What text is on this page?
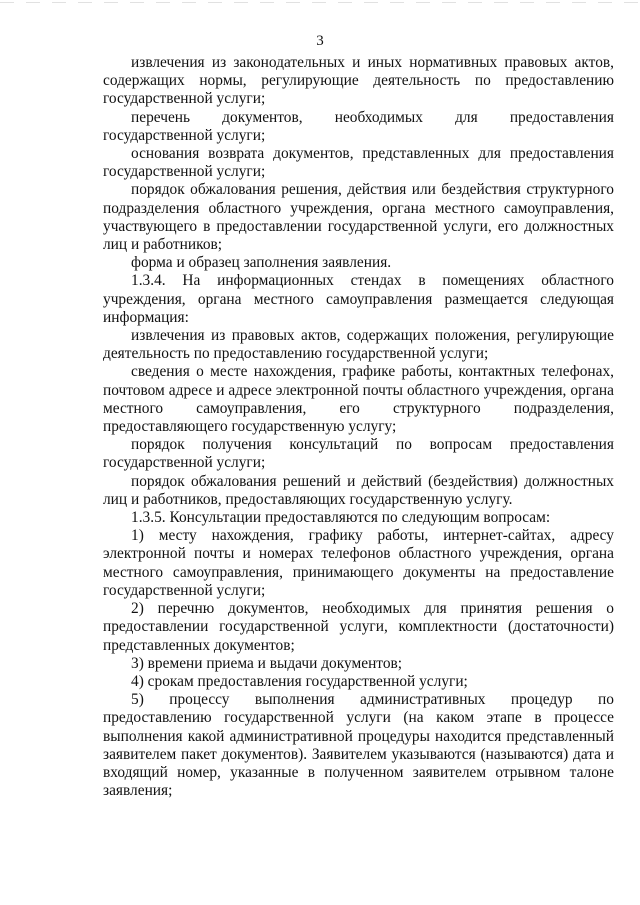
3

извлечения из законодательных и иных нормативных правовых актов, содержащих нормы, регулирующие деятельность по предоставлению государственной услуги;

перечень документов, необходимых для предоставления государственной услуги;

основания возврата документов, представленных для предоставления государственной услуги;

порядок обжалования решения, действия или бездействия структурного подразделения областного учреждения, органа местного самоуправления, участвующего в предоставлении государственной услуги, его должностных лиц и работников;

форма и образец заполнения заявления.

1.3.4. На информационных стендах в помещениях областного учреждения, органа местного самоуправления размещается следующая информация:

извлечения из правовых актов, содержащих положения, регулирующие деятельность по предоставлению государственной услуги;

сведения о месте нахождения, графике работы, контактных телефонах, почтовом адресе и адресе электронной почты областного учреждения, органа местного самоуправления, его структурного подразделения, предоставляющего государственную услугу;

порядок получения консультаций по вопросам предоставления государственной услуги;

порядок обжалования решений и действий (бездействия) должностных лиц и работников, предоставляющих государственную услугу.

1.3.5. Консультации предоставляются по следующим вопросам:

1) месту нахождения, графику работы, интернет-сайтах, адресу электронной почты и номерах телефонов областного учреждения, органа местного самоуправления, принимающего документы на предоставление государственной услуги;

2) перечню документов, необходимых для принятия решения о предоставлении государственной услуги, комплектности (достаточности) представленных документов;

3) времени приема и выдачи документов;

4) срокам предоставления государственной услуги;

5) процессу выполнения административных процедур по предоставлению государственной услуги (на каком этапе в процессе выполнения какой административной процедуры находится представленный заявителем пакет документов). Заявителем указываются (называются) дата и входящий номер, указанные в полученном заявителем отрывном талоне заявления;
